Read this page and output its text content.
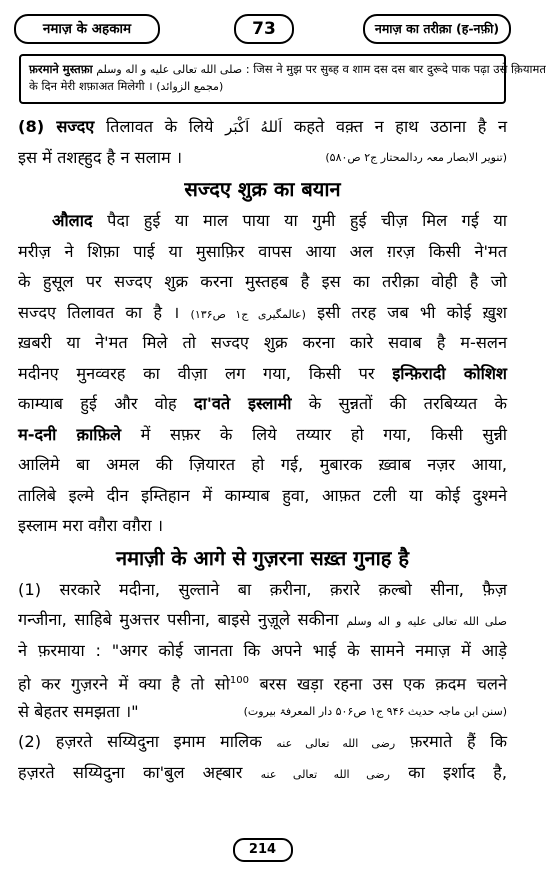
नमाज़ के अहकाम	73	नमाज़ का तरीक़ा (ह-नफ़ी)
फ़रमाने मुस्तफ़ा صلى الله تعالى عليه و اله وسلم : जिस ने मुझ पर सुब्ह व शाम दस दस बार दुरूदे पाक पढ़ा उसे क़ियामत
के दिन मेरी शफ़ाअत मिलेगी । (مجمع الزوائد)
(8) सज्दए तिलावत के लिये اَللهُ اَكْبَر कहते वक़्त न हाथ उठाना है न
इस में तशह्हुद है न सलाम ।	(تنویر الابصار معہ ردالمحتار ج۲ ص۵۸۰)
सज्दए शुक्र का बयान
औलाद पैदा हुई या माल पाया या गुमी हुई चीज़ मिल गई या
मरीज़ ने शिफ़ा पाई या मुसाफ़िर वापस आया अल ग़रज़ किसी ने'मत
के हुसूल पर सज्दए शुक्र करना मुस्तहब है इस का तरीक़ा वोही है जो
सज्दए तिलावत का है । (عالمگیری ج۱ ص۱۳۶) इसी तरह जब भी कोई ख़ुश
ख़बरी या ने'मत मिले तो सज्दए शुक्र करना कारे सवाब है म-सलन
मदीनए मुनव्वरह का वीज़ा लग गया, किसी पर इन्फ़िरादी कोशिश
काम्याब हुई और वोह दा'वते इस्लामी के सुन्नतों की तरबिय्यत के
म-दनी क़ाफ़िले में सफ़र के लिये तय्यार हो गया, किसी सुन्नी
आलिमे बा अमल की ज़ियारत हो गई, मुबारक ख़्वाब नज़र आया,
तालिबे इल्मे दीन इम्तिहान में काम्याब हुवा, आफ़त टली या कोई दुश्मने
इस्लाम मरा वग़ैरा वग़ैरा ।
नमाज़ी के आगे से गुज़रना सख़्त गुनाह है
(1) सरकारे मदीना, सुल्ताने बा क़रीना, क़रारे क़ल्बो सीना, फ़ैज़
गन्जीना, साहिबे मुअत्तर पसीना, बाइसे नुज़ूले सकीना صلى الله تعالى عليه و اله وسلم
ने फ़रमाया : "अगर कोई जानता कि अपने भाई के सामने नमाज़ में आड़े
हो कर गुज़रने में क्या है तो सो$^{100}$ बरस खड़ा रहना उस एक क़दम चलने
से बेहतर समझता ।"	(سنن ابن ماجہ حدیث ۹۴۶ ج۱ ص۵۰۶ دار المعرفۃ بیروت)
(2) हज़रते सय्यिदुना इमाम मालिक رضی الله تعالی عنه फ़रमाते हैं कि
हज़रते सय्यिदुना का'बुल अह्बार رضی الله تعالی عنه का इर्शाद है,
214
